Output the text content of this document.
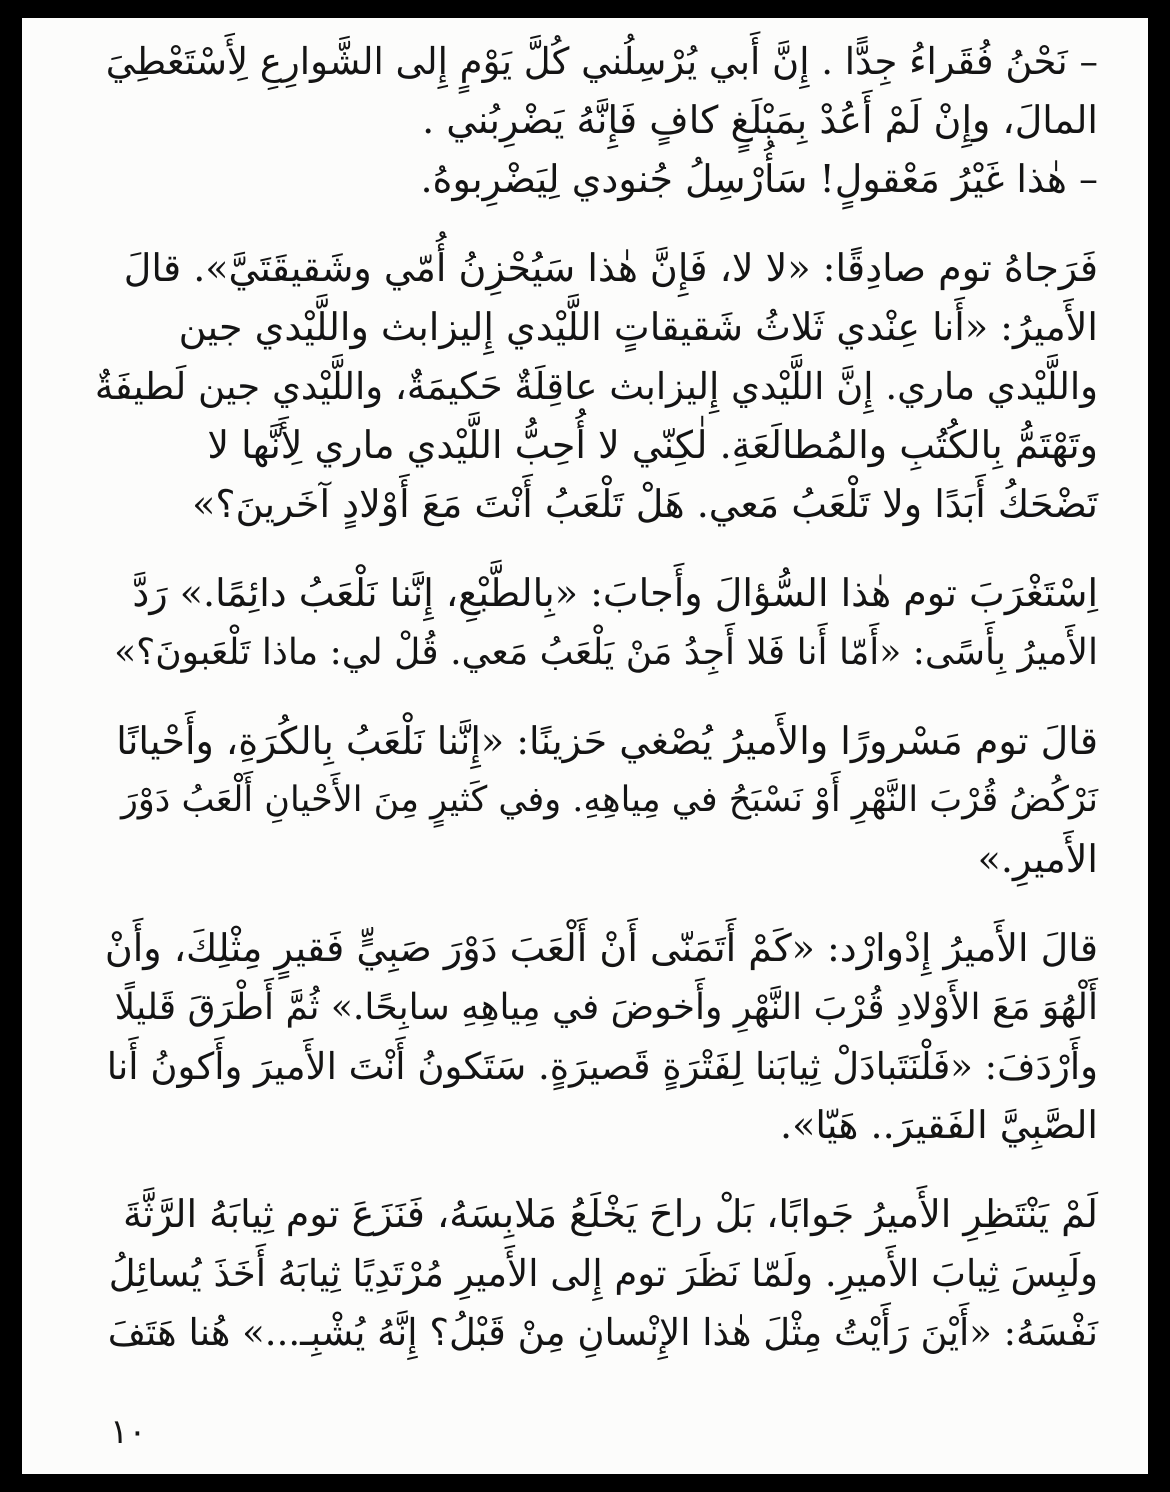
– نَحْنُ فُقَراءُ جِدًّا . إِنَّ أَبي يُرْسِلُني كُلَّ يَوْمٍ إِلى الشَّوارِعِ لِأَسْتَعْطِيَ
المالَ، وإِنْ لَمْ أَعُدْ بِمَبْلَغٍ كافٍ فَإِنَّهُ يَضْرِبُني .
– هٰذا غَيْرُ مَعْقولٍ! سَأُرْسِلُ جُنودي لِيَضْرِبوهُ.

فَرَجاهُ توم صادِقًا: «لا لا، فَإِنَّ هٰذا سَيُحْزِنُ أُمّي وشَقيقَتَيَّ». قالَ
الأَميرُ: «أَنا عِنْدي ثَلاثُ شَقيقاتٍ اللَّيْدي إِليزابث واللَّيْدي جين
واللَّيْدي ماري. إِنَّ اللَّيْدي إِليزابث عاقِلَةٌ حَكيمَةٌ، واللَّيْدي جين لَطيفَةٌ
وتَهْتَمُّ بِالكُتُبِ والمُطالَعَةِ. لٰكِنّي لا أُحِبُّ اللَّيْدي ماري لِأَنَّها لا
تَضْحَكُ أَبَدًا ولا تَلْعَبُ مَعي. هَلْ تَلْعَبُ أَنْتَ مَعَ أَوْلادٍ آخَرينَ؟»

اِسْتَغْرَبَ توم هٰذا السُّؤالَ وأَجابَ: «بِالطَّبْعِ، إِنَّنا نَلْعَبُ دائِمًا.» رَدَّ
الأَميرُ بِأَسًى: «أَمّا أَنا فَلا أَجِدُ مَنْ يَلْعَبُ مَعي. قُلْ لي: ماذا تَلْعَبونَ؟»

قالَ توم مَسْرورًا والأَميرُ يُصْغي حَزينًا: «إِنَّنا نَلْعَبُ بِالكُرَةِ، وأَحْيانًا
نَرْكُضُ قُرْبَ النَّهْرِ أَوْ نَسْبَحُ في مِياهِهِ. وفي كَثيرٍ مِنَ الأَحْيانِ أَلْعَبُ دَوْرَ
الأَميرِ.»

قالَ الأَميرُ إِدْوارْد: «كَمْ أَتَمَنّى أَنْ أَلْعَبَ دَوْرَ صَبِيٍّ فَقيرٍ مِثْلِكَ، وأَنْ
أَلْهُوَ مَعَ الأَوْلادِ قُرْبَ النَّهْرِ وأَخوضَ في مِياهِهِ سابِحًا.» ثُمَّ أَطْرَقَ قَليلًا
وأَرْدَفَ: «فَلْنَتَبادَلْ ثِيابَنا لِفَتْرَةٍ قَصيرَةٍ. سَتَكونُ أَنْتَ الأَميرَ وأَكونُ أَنا
الصَّبِيَّ الفَقيرَ.. هَيّا».

لَمْ يَنْتَظِرِ الأَميرُ جَوابًا، بَلْ راحَ يَخْلَعُ مَلابِسَهُ، فَنَزَعَ توم ثِيابَهُ الرَّثَّةَ
ولَبِسَ ثِيابَ الأَميرِ. ولَمّا نَظَرَ توم إِلى الأَميرِ مُرْتَدِيًا ثِيابَهُ أَخَذَ يُسائِلُ
نَفْسَهُ: «أَيْنَ رَأَيْتُ مِثْلَ هٰذا الإِنْسانِ مِنْ قَبْلُ؟ إِنَّهُ يُشْبِـ...» هُنا هَتَفَ

١٠
